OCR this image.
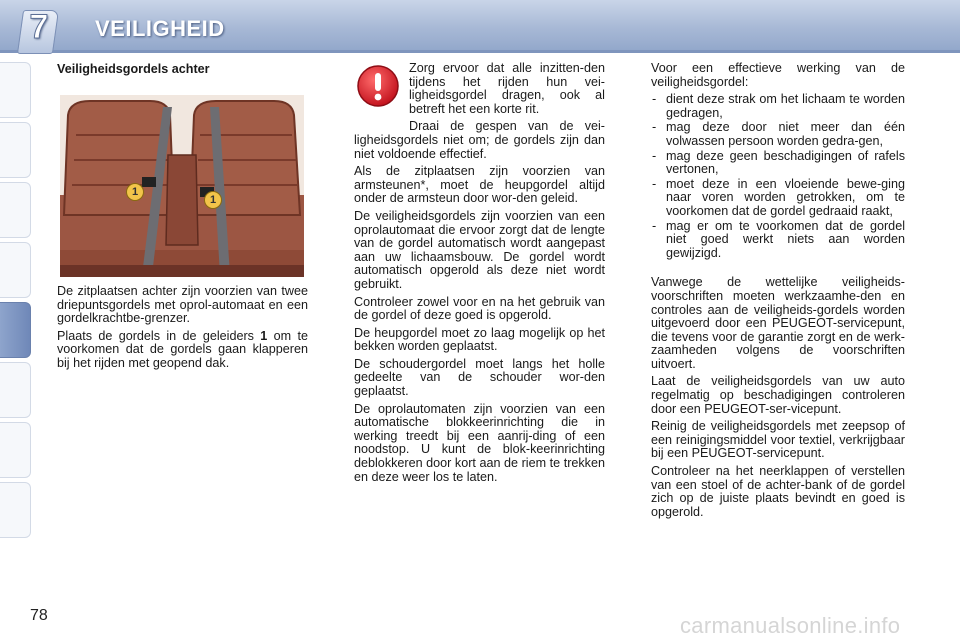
7	VEILIGHEID
Veiligheidsgordels achter
1
1

De zitplaatsen achter zijn voorzien van twee driepuntsgordels met oprol-automaat en een gordelkrachtbe-grenzer.

Plaats de gordels in de geleiders 1 om te voorkomen dat de gordels gaan klapperen bij het rijden met geopend dak.

Zorg ervoor dat alle inzitten-den tijdens het rijden hun vei-ligheidsgordel dragen, ook al betreft het een korte rit.

Draai de gespen van de vei-ligheidsgordels niet om; de gordels zijn dan niet voldoende effectief.

Als de zitplaatsen zijn voorzien van armsteunen*, moet de heupgordel altijd onder de armsteun door wor-den geleid.

De veiligheidsgordels zijn voorzien van een oprolautomaat die ervoor zorgt dat de lengte van de gordel automatisch wordt aangepast aan uw lichaamsbouw. De gordel wordt automatisch opgerold als deze niet wordt gebruikt.

Controleer zowel voor en na het gebruik van de gordel of deze goed is opgerold.

De heupgordel moet zo laag mogelijk op het bekken worden geplaatst.

De schoudergordel moet langs het holle gedeelte van de schouder wor-den geplaatst.

De oprolautomaten zijn voorzien van een automatische blokkeerinrichting die in werking treedt bij een aanrij-ding of een noodstop. U kunt de blok-keerinrichting deblokkeren door kort aan de riem te trekken en deze weer los te laten.

Voor een effectieve werking van de veiligheidsgordel:

- dient deze strak om het lichaam te worden gedragen,
- mag deze door niet meer dan één volwassen persoon worden gedra-gen,
- mag deze geen beschadigingen of rafels vertonen,
- moet deze in een vloeiende bewe-ging naar voren worden getrokken, om te voorkomen dat de gordel gedraaid raakt,
- mag er om te voorkomen dat de gordel niet goed werkt niets aan worden gewijzigd.

Vanwege de wettelijke veiligheids-voorschriften moeten werkzaamhe-den en controles aan de veiligheids-gordels worden uitgevoerd door een PEUGEOT-servicepunt, die tevens voor de garantie zorgt en de werk-zaamheden volgens de voorschriften uitvoert.

Laat de veiligheidsgordels van uw auto regelmatig op beschadigingen controleren door een PEUGEOT-ser-vicepunt.

Reinig de veiligheidsgordels met zeepsop of een reinigingsmiddel voor textiel, verkrijgbaar bij een PEUGEOT-servicepunt.

Controleer na het neerklappen of verstellen van een stoel of de achter-bank of de gordel zich op de juiste plaats bevindt en goed is opgerold.

78	carmanualsonline.info
